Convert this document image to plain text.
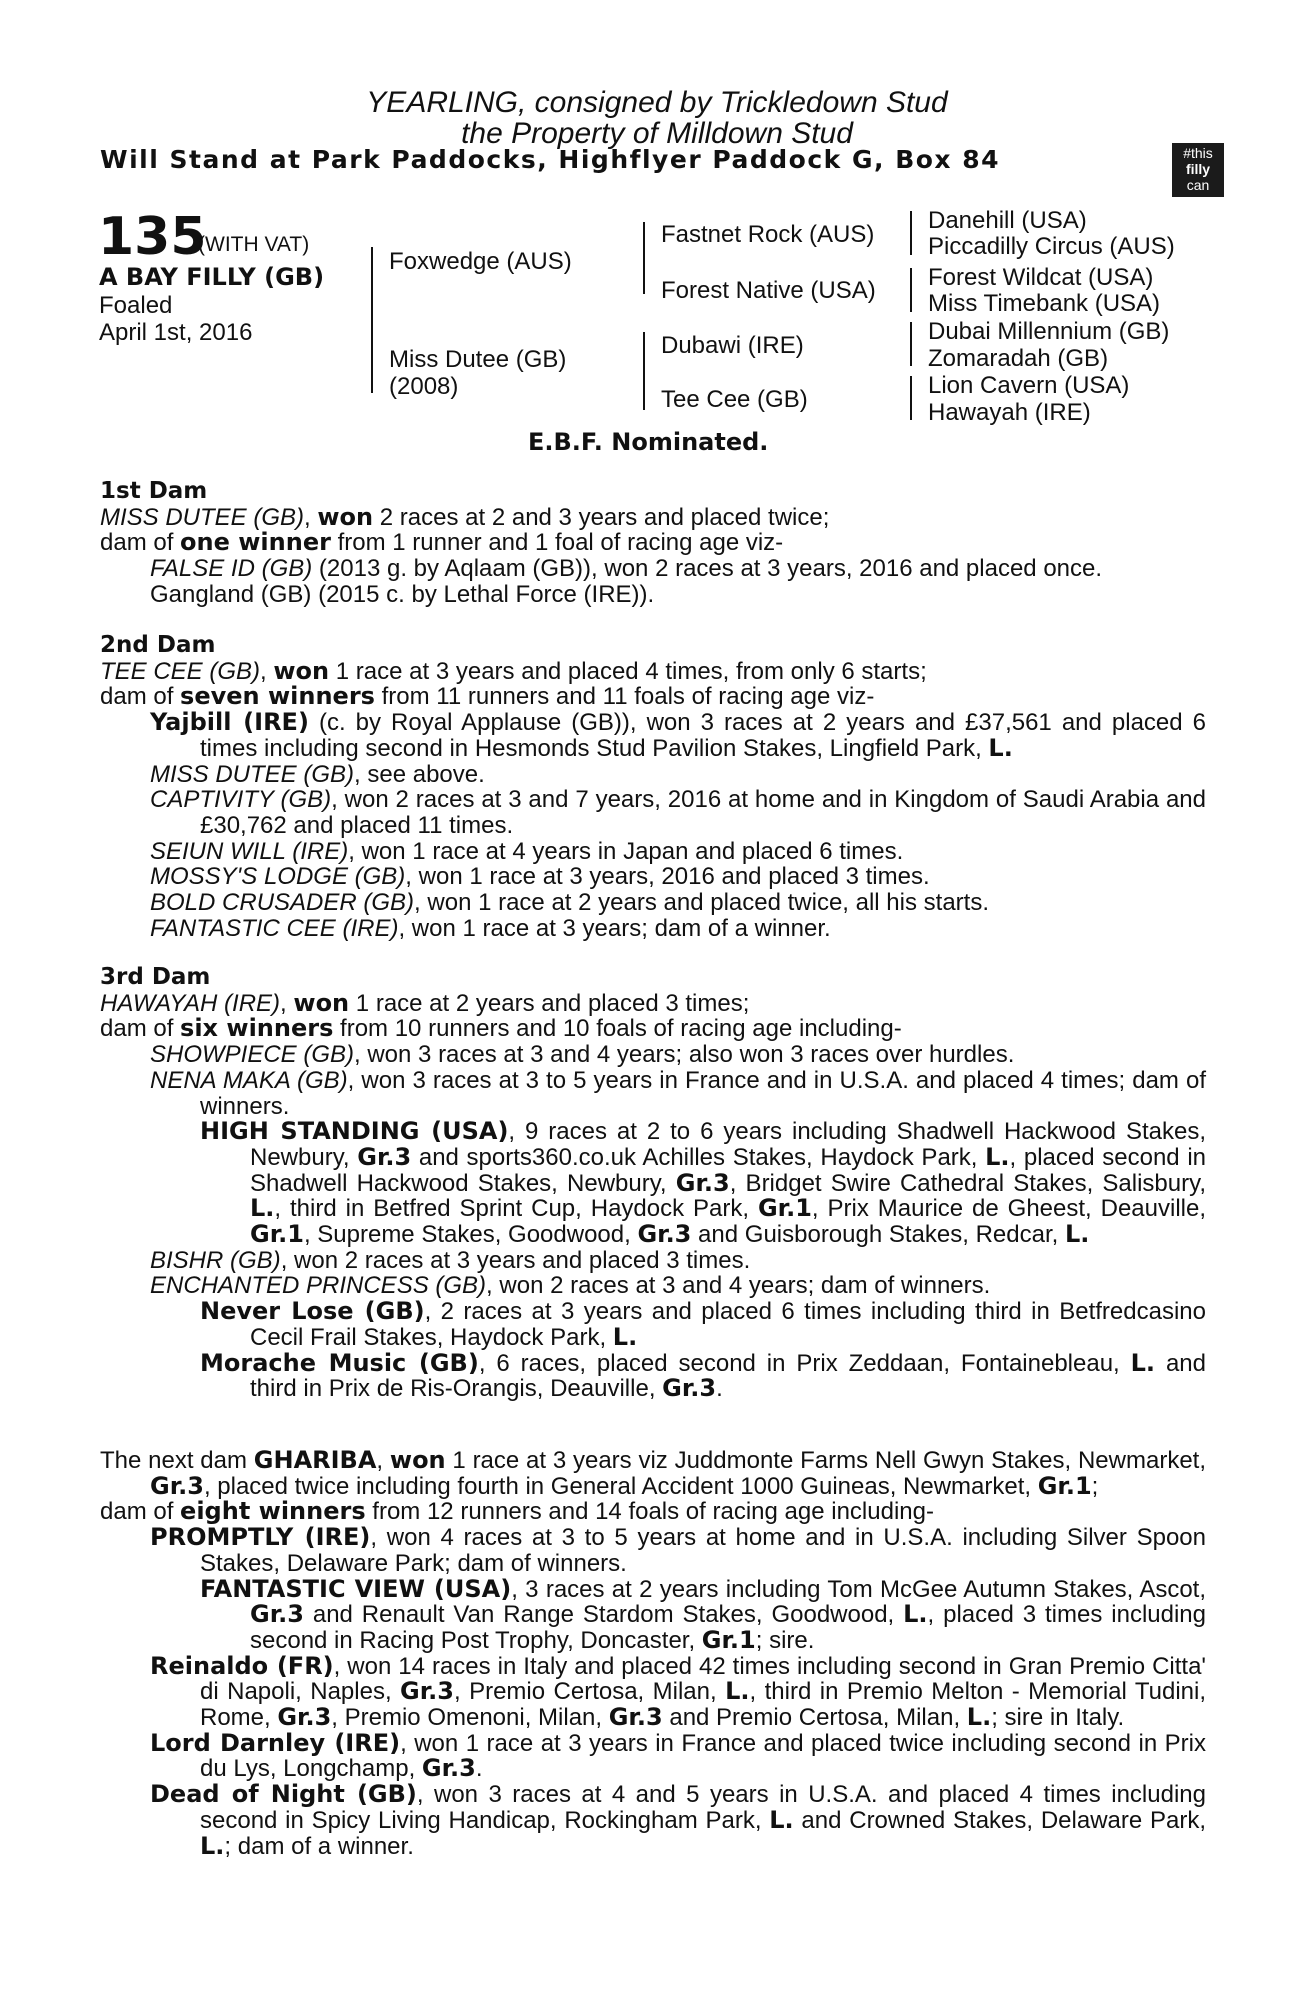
YEARLING, consigned by Trickledown Stud
the Property of Milldown Stud
Will Stand at Park Paddocks, Highflyer Paddock G, Box 84	#this
filly
can
135
(WITH VAT)
A BAY FILLY (GB)
Foaled
April 1st, 2016
Foxwedge (AUS)
Miss Dutee (GB)
(2008)
Fastnet Rock (AUS)
Forest Native (USA)
Dubawi (IRE)
Tee Cee (GB)
Danehill (USA)
Piccadilly Circus (AUS)
Forest Wildcat (USA)
Miss Timebank (USA)
Dubai Millennium (GB)
Zomaradah (GB)
Lion Cavern (USA)
Hawayah (IRE)
E.B.F. Nominated.

1st Dam

MISS DUTEE (GB), won 2 races at 2 and 3 years and placed twice;

dam of one winner from 1 runner and 1 foal of racing age viz-

FALSE ID (GB) (2013 g. by Aqlaam (GB)), won 2 races at 3 years, 2016 and placed once.

Gangland (GB) (2015 c. by Lethal Force (IRE)).

2nd Dam

TEE CEE (GB), won 1 race at 3 years and placed 4 times, from only 6 starts;

dam of seven winners from 11 runners and 11 foals of racing age viz-

Yajbill (IRE) (c. by Royal Applause (GB)), won 3 races at 2 years and £37,561 and placed 6 times including second in Hesmonds Stud Pavilion Stakes, Lingfield Park, L.

MISS DUTEE (GB), see above.

CAPTIVITY (GB), won 2 races at 3 and 7 years, 2016 at home and in Kingdom of Saudi Arabia and £30,762 and placed 11 times.

SEIUN WILL (IRE), won 1 race at 4 years in Japan and placed 6 times.

MOSSY'S LODGE (GB), won 1 race at 3 years, 2016 and placed 3 times.

BOLD CRUSADER (GB), won 1 race at 2 years and placed twice, all his starts.

FANTASTIC CEE (IRE), won 1 race at 3 years; dam of a winner.

3rd Dam

HAWAYAH (IRE), won 1 race at 2 years and placed 3 times;

dam of six winners from 10 runners and 10 foals of racing age including-

SHOWPIECE (GB), won 3 races at 3 and 4 years; also won 3 races over hurdles.

NENA MAKA (GB), won 3 races at 3 to 5 years in France and in U.S.A. and placed 4 times; dam of winners.

HIGH STANDING (USA), 9 races at 2 to 6 years including Shadwell Hackwood Stakes, Newbury, Gr.3 and sports360.co.uk Achilles Stakes, Haydock Park, L., placed second in Shadwell Hackwood Stakes, Newbury, Gr.3, Bridget Swire Cathedral Stakes, Salisbury, L., third in Betfred Sprint Cup, Haydock Park, Gr.1, Prix Maurice de Gheest, Deauville, Gr.1, Supreme Stakes, Goodwood, Gr.3 and Guisborough Stakes, Redcar, L.

BISHR (GB), won 2 races at 3 years and placed 3 times.

ENCHANTED PRINCESS (GB), won 2 races at 3 and 4 years; dam of winners.

Never Lose (GB), 2 races at 3 years and placed 6 times including third in Betfredcasino Cecil Frail Stakes, Haydock Park, L.

Morache Music (GB), 6 races, placed second in Prix Zeddaan, Fontainebleau, L. and third in Prix de Ris-Orangis, Deauville, Gr.3.

The next dam GHARIBA, won 1 race at 3 years viz Juddmonte Farms Nell Gwyn Stakes, Newmarket, Gr.3, placed twice including fourth in General Accident 1000 Guineas, Newmarket, Gr.1;

dam of eight winners from 12 runners and 14 foals of racing age including-

PROMPTLY (IRE), won 4 races at 3 to 5 years at home and in U.S.A. including Silver Spoon Stakes, Delaware Park; dam of winners.

FANTASTIC VIEW (USA), 3 races at 2 years including Tom McGee Autumn Stakes, Ascot, Gr.3 and Renault Van Range Stardom Stakes, Goodwood, L., placed 3 times including second in Racing Post Trophy, Doncaster, Gr.1; sire.

Reinaldo (FR), won 14 races in Italy and placed 42 times including second in Gran Premio Citta' di Napoli, Naples, Gr.3, Premio Certosa, Milan, L., third in Premio Melton - Memorial Tudini, Rome, Gr.3, Premio Omenoni, Milan, Gr.3 and Premio Certosa, Milan, L.; sire in Italy.

Lord Darnley (IRE), won 1 race at 3 years in France and placed twice including second in Prix du Lys, Longchamp, Gr.3.

Dead of Night (GB), won 3 races at 4 and 5 years in U.S.A. and placed 4 times including second in Spicy Living Handicap, Rockingham Park, L. and Crowned Stakes, Delaware Park, L.; dam of a winner.
